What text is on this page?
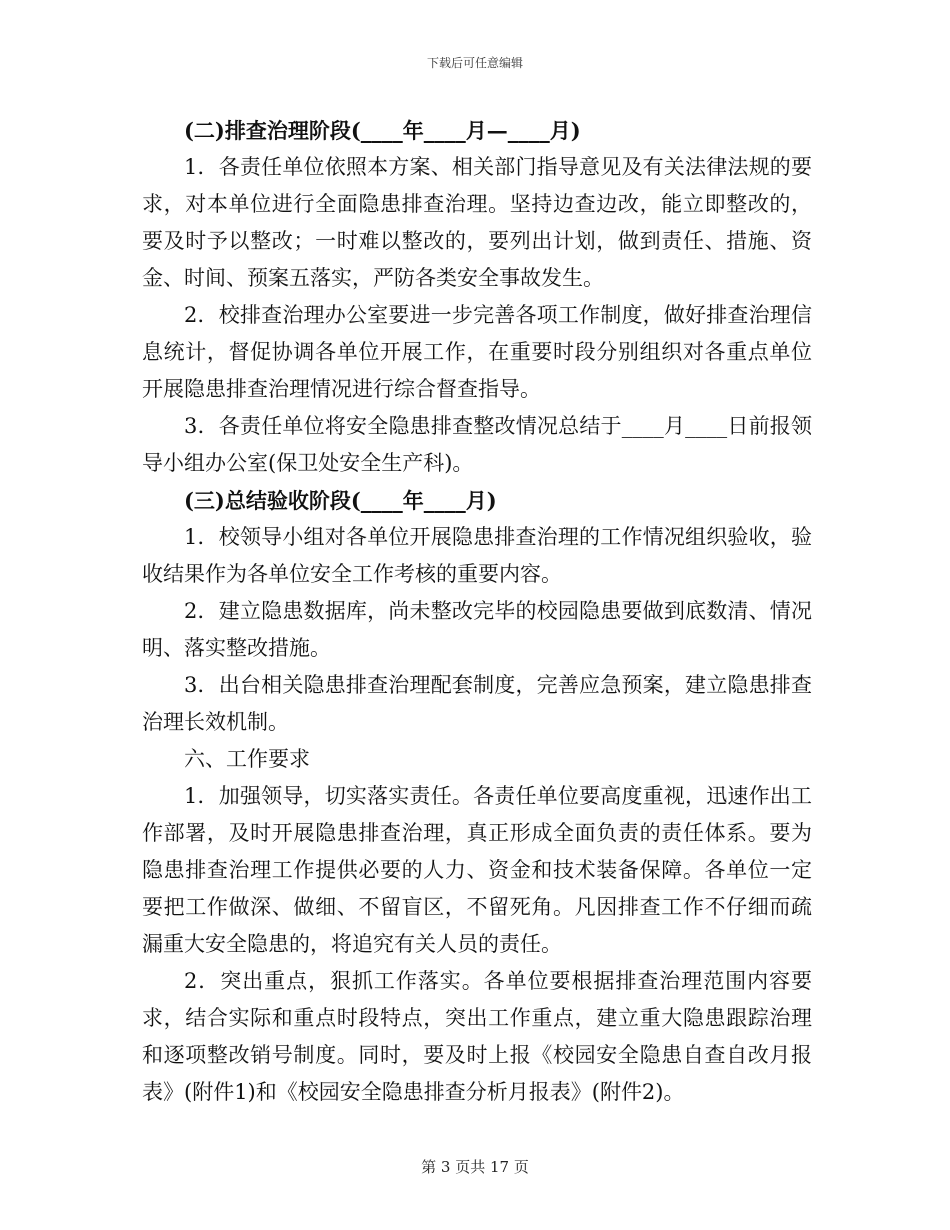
下载后可任意编辑

(二)排查治理阶段(____年____月—____月)

1．各责任单位依照本方案、相关部门指导意见及有关法律法规的要求，对本单位进行全面隐患排查治理。坚持边查边改，能立即整改的，要及时予以整改；一时难以整改的，要列出计划，做到责任、措施、资金、时间、预案五落实，严防各类安全事故发生。

2．校排查治理办公室要进一步完善各项工作制度，做好排查治理信息统计，督促协调各单位开展工作，在重要时段分别组织对各重点单位开展隐患排查治理情况进行综合督查指导。

3．各责任单位将安全隐患排查整改情况总结于____月____日前报领导小组办公室(保卫处安全生产科)。

(三)总结验收阶段(____年____月)

1．校领导小组对各单位开展隐患排查治理的工作情况组织验收，验收结果作为各单位安全工作考核的重要内容。

2．建立隐患数据库，尚未整改完毕的校园隐患要做到底数清、情况明、落实整改措施。

3．出台相关隐患排查治理配套制度，完善应急预案，建立隐患排查治理长效机制。

六、工作要求

1．加强领导，切实落实责任。各责任单位要高度重视，迅速作出工作部署，及时开展隐患排查治理，真正形成全面负责的责任体系。要为隐患排查治理工作提供必要的人力、资金和技术装备保障。各单位一定要把工作做深、做细、不留盲区，不留死角。凡因排查工作不仔细而疏漏重大安全隐患的，将追究有关人员的责任。

2．突出重点，狠抓工作落实。各单位要根据排查治理范围内容要求，结合实际和重点时段特点，突出工作重点，建立重大隐患跟踪治理和逐项整改销号制度。同时，要及时上报《校园安全隐患自查自改月报表》(附件1)和《校园安全隐患排查分析月报表》(附件2)。

第 3 页共 17 页
